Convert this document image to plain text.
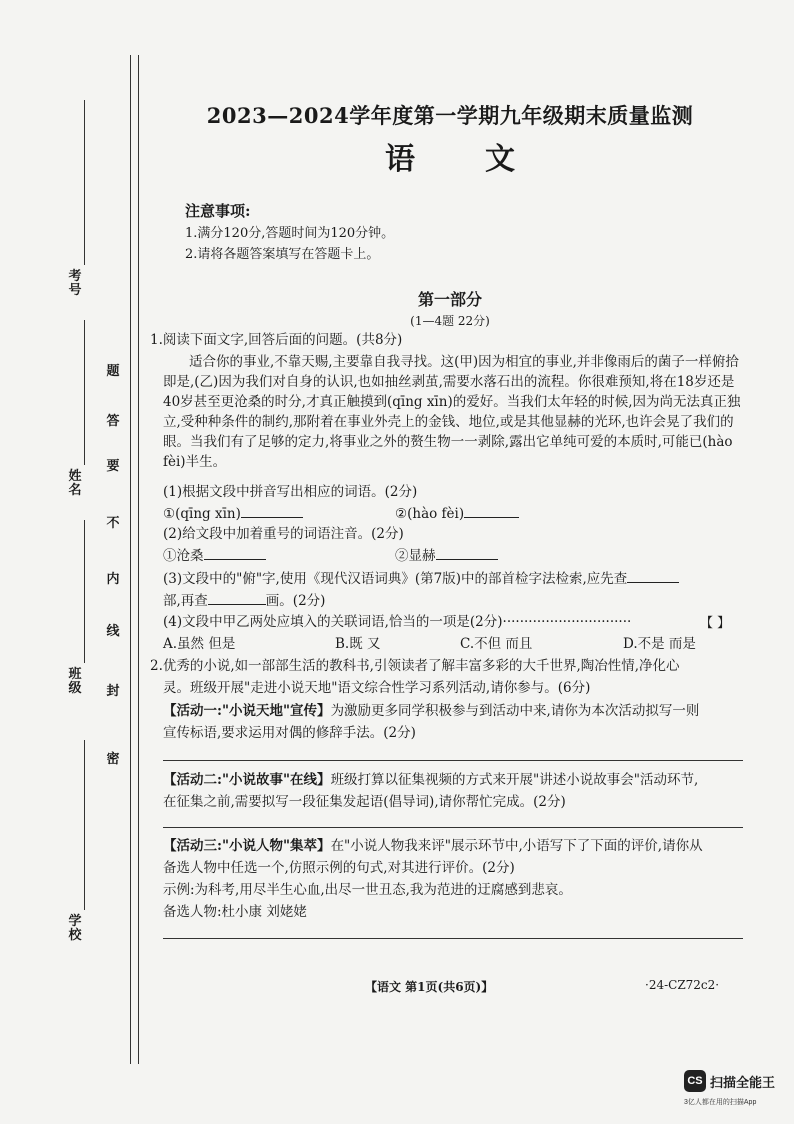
考号
姓名
班级
学校
题
答
要
不
内
线
封
密
2023—2024学年度第一学期九年级期末质量监测
语文
注意事项:
1.满分120分,答题时间为120分钟。
2.请将各题答案填写在答题卡上。
第一部分
(1—4题 22分)
1.阅读下面文字,回答后面的问题。(共8分)
适合你的事业,不靠天赐,主要靠自我寻找。这(甲)因为相宜的事业,并非像雨后的菌子一样俯拾即是,(乙)因为我们对自身的认识,也如抽丝剥茧,需要水落石出的流程。你很难预知,将在18岁还是40岁甚至更沧桑的时分,才真正触摸到(qīng xīn)的爱好。当我们太年轻的时候,因为尚无法真正独立,受种种条件的制约,那附着在事业外壳上的金钱、地位,或是其他显赫的光环,也许会晃了我们的眼。当我们有了足够的定力,将事业之外的赘生物一一剥除,露出它单纯可爱的本质时,可能已(hào fèi)半生。
(1)根据文段中拼音写出相应的词语。(2分)
①(qīng xīn)	②(hào fèi)
(2)给文段中加着重号的词语注音。(2分)
①沧桑	②显赫
(3)文段中的"俯"字,使用《现代汉语词典》(第7版)中的部首检字法检索,应先查
部,再查	画。(2分)
(4)文段中甲乙两处应填入的关联词语,恰当的一项是(2分)······························	【 】
A.虽然 但是	B.既 又	C.不但 而且	D.不是 而是
2.优秀的小说,如一部部生活的教科书,引领读者了解丰富多彩的大千世界,陶冶性情,净化心
灵。班级开展"走进小说天地"语文综合性学习系列活动,请你参与。(6分)
【活动一:"小说天地"宣传】为激励更多同学积极参与到活动中来,请你为本次活动拟写一则
宣传标语,要求运用对偶的修辞手法。(2分)
【活动二:"小说故事"在线】班级打算以征集视频的方式来开展"讲述小说故事会"活动环节,
在征集之前,需要拟写一段征集发起语(倡导词),请你帮忙完成。(2分)
【活动三:"小说人物"集萃】在"小说人物我来评"展示环节中,小语写下了下面的评价,请你从
备选人物中任选一个,仿照示例的句式,对其进行评价。(2分)
示例:为科考,用尽半生心血,出尽一世丑态,我为范进的迂腐感到悲哀。
备选人物:杜小康 刘姥姥
【语文 第1页(共6页)】	·24-CZ72c2·
CS 扫描全能王
3亿人都在用的扫描App
